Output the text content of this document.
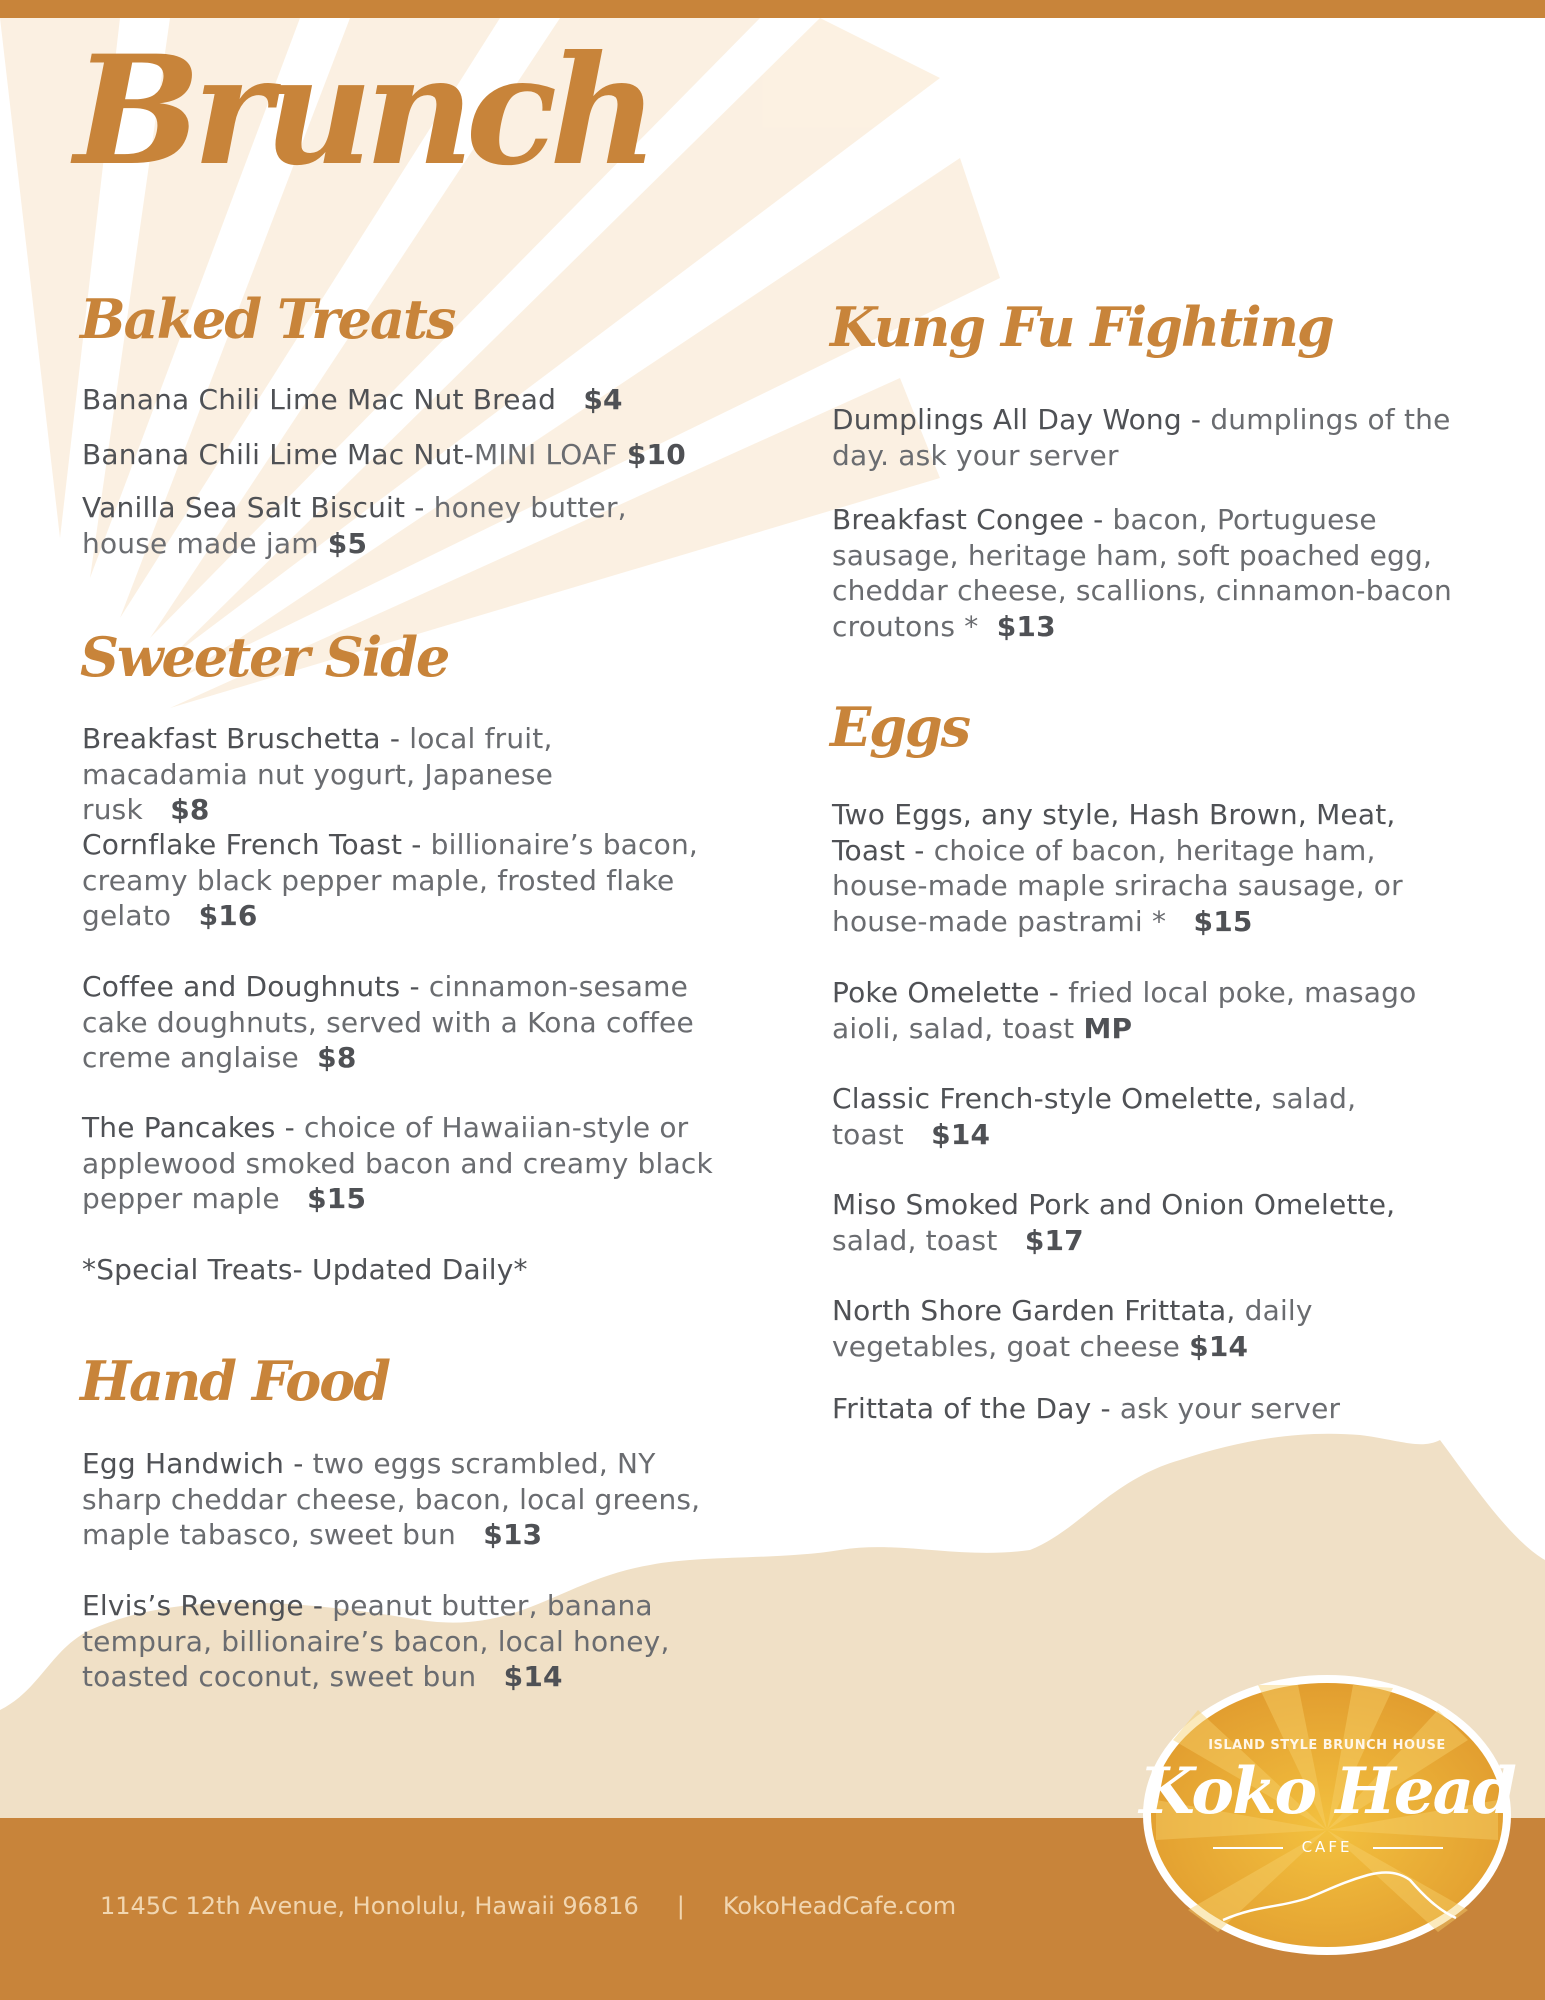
1145C 12th Avenue, Honolulu, Hawaii 96816 | KokoHeadCafe.com
Brunch
Baked Treats
Banana Chili Lime Mac Nut Bread $4
Banana Chili Lime Mac Nut-MINI LOAF $10
Vanilla Sea Salt Biscuit - honey butter, house made jam $5
Sweeter Side
Breakfast Bruschetta - local fruit, macadamia nut yogurt, Japanese rusk $8
Cornflake French Toast - billionaire’s bacon, creamy black pepper maple, frosted flake gelato $16
Coffee and Doughnuts - cinnamon-sesame cake doughnuts, served with a Kona coffee creme anglaise $8
The Pancakes - choice of Hawaiian-style or applewood smoked bacon and creamy black pepper maple $15
*Special Treats- Updated Daily*
Hand Food
Egg Handwich - two eggs scrambled, NY sharp cheddar cheese, bacon, local greens, maple tabasco, sweet bun $13
Elvis’s Revenge - peanut butter, banana tempura, billionaire’s bacon, local honey, toasted coconut, sweet bun $14
Kung Fu Fighting
Dumplings All Day Wong - dumplings of the day. ask your server
Breakfast Congee - bacon, Portuguese sausage, heritage ham, soft poached egg, cheddar cheese, scallions, cinnamon-bacon croutons * $13
Eggs
Two Eggs, any style, Hash Brown, Meat, Toast - choice of bacon, heritage ham, house-made maple sriracha sausage, or house-made pastrami * $15
Poke Omelette - fried local poke, masago aioli, salad, toast MP
Classic French-style Omelette, salad, toast $14
Miso Smoked Pork and Onion Omelette, salad, toast $17
North Shore Garden Frittata, daily vegetables, goat cheese $14
Frittata of the Day - ask your server
ISLAND STYLE BRUNCH HOUSE
Koko Head
CAFE
